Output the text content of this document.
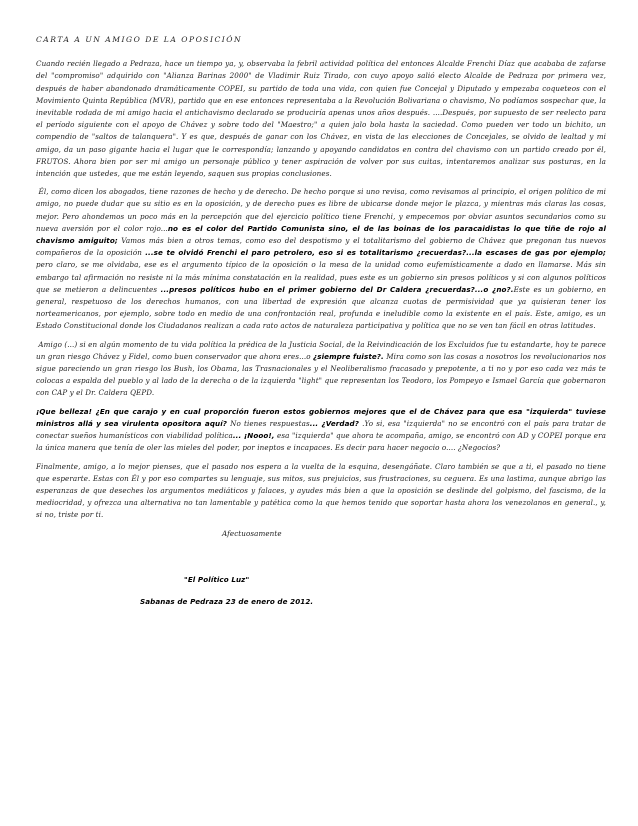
CARTA A UN AMIGO DE LA OPOSICIÓN

Cuando recién llegado a Pedraza, hace un tiempo ya, y, observaba la febril actividad política del entonces Alcalde Frenchi Díaz que acababa de zafarse del "compromiso" adquirido con "Alianza Barinas 2000" de Vladimir Ruiz Tirado, con cuyo apoyo salió electo Alcalde de Pedraza por primera vez, después de haber abandonado dramáticamente COPEI, su partido de toda una vida, con quien fue Concejal y Diputado y empezaba coqueteos con el Movimiento Quinta República (MVR), partido que en ese entonces representaba a la Revolución Bolivariana o chavismo, No podíamos sospechar que, la inevitable rodada de mi amigo hacia el antichavismo declarado se produciría apenas unos años después. ....Después, por supuesto de ser reelecto para el período siguiente con el apoyo de Chávez y sobre todo del "Maestro;" a quien jalo bola hasta la saciedad. Como pueden ver todo un bichito, un compendio de "saltos de talanquera". Y es que, después de ganar con los Chávez, en vista de las elecciones de Concejales, se olvido de lealtad y mi amigo, da un paso gigante hacia el lugar que le correspondía; lanzando y apoyando candidatos en contra del chavismo con un partido creado por él, FRUTOS. Ahora bien por ser mi amigo un personaje público y tener aspiración de volver por sus cuitas, intentaremos analizar sus posturas, en la intención que ustedes, que me están leyendo, saquen sus propias conclusiones.

Él, como dicen los abogados, tiene razones de hecho y de derecho. De hecho porque si uno revisa, como revisamos al principio, el origen político de mi amigo, no puede dudar que su sitio es en la oposición, y de derecho pues es libre de ubicarse donde mejor le plazca, y mientras más claras las cosas, mejor. Pero ahondemos un poco más en la percepción que del ejercicio político tiene Frenchi, y empecemos por obviar asuntos secundarios como su nueva aversión por el color rojo...no es el color del Partido Comunista sino, el de las boinas de los paracaidistas lo que tiñe de rojo al chavismo amiguito; Vamos más bien a otros temas, como eso del despotismo y el totalitarismo del gobierno de Chávez que pregonan tus nuevos compañeros de la oposición ...se te olvidó Frenchi el paro petrolero, eso si es totalitarismo ¿recuerdas?...la escases de gas por ejemplo; pero claro, se me olvidaba, ese es el argumento típico de la oposición o la mesa de la unidad como eufemísticamente a dado en llamarse. Más sin embargo tal afirmación no resiste ni la más mínima constatación en la realidad, pues este es un gobierno sin presos políticos y si con algunos políticos que se metieron a delincuentes ...presos políticos hubo en el primer gobierno del Dr Caldera ¿recuerdas?...o ¿no?.Este es un gobierno, en general, respetuoso de los derechos humanos, con una libertad de expresión que alcanza cuotas de permisividad que ya quisieran tener los norteamericanos, por ejemplo, sobre todo en medio de una confrontación real, profunda e ineludible como la existente en el país. Este, amigo, es un Estado Constitucional donde los Ciudadanos realizan a cada rato actos de naturaleza participativa y política que no se ven tan fácil en otras latitudes.

Amigo (...) si en algún momento de tu vida política la prédica de la Justicia Social, de la Reivindicación de los Excluidos fue tu estandarte, hoy te parece un gran riesgo Chávez y Fidel, como buen conservador que ahora eres...o ¿siempre fuiste?. Mira como son las cosas a nosotros los revolucionarios nos sigue pareciendo un gran riesgo los Bush, los Obama, las Trasnacionales y el Neoliberalismo fracasado y prepotente, a ti no y por eso cada vez más te colocas a espalda del pueblo y al lado de la derecha o de la izquierda "light" que representan los Teodoro, los Pompeyo e Ismael García que gobernaron con CAP y el Dr. Caldera QEPD.

¡Que belleza! ¿En que carajo y en cual proporción fueron estos gobiernos mejores que el de Chávez para que esa "izquierda" tuviese ministros allá y sea virulenta opositora aquí? No tienes respuestas... ¿Verdad? .Yo si, esa "izquierda" no se encontró con el país para tratar de conectar sueños humanísticos con viabilidad política... ¡Nooo!, esa "izquierda" que ahora te acompaña, amigo, se encontró con AD y COPEI porque era la única manera que tenía de oler las mieles del poder, por ineptos e incapaces. Es decir para hacer negocio o.... ¿Negocios?

Finalmente, amigo, a lo mejor pienses, que el pasado nos espera a la vuelta de la esquina, desengáñate. Claro también se que a ti, el pasado no tiene que esperarte. Estas con Él y por eso compartes su lenguaje, sus mitos, sus prejuicios, sus frustraciones, su ceguera. Es una lastima, aunque abrigo las esperanzas de que deseches los argumentos mediáticos y falaces, y ayudes más bien a que la oposición se deslinde del golpismo, del fascismo, de la mediocridad, y ofrezca una alternativa no tan lamentable y patética como la que hemos tenido que soportar hasta ahora los venezolanos en general., y, si no, triste por ti.

Afectuosamente
"El Político Luz"
Sabanas de Pedraza 23 de enero de 2012.
